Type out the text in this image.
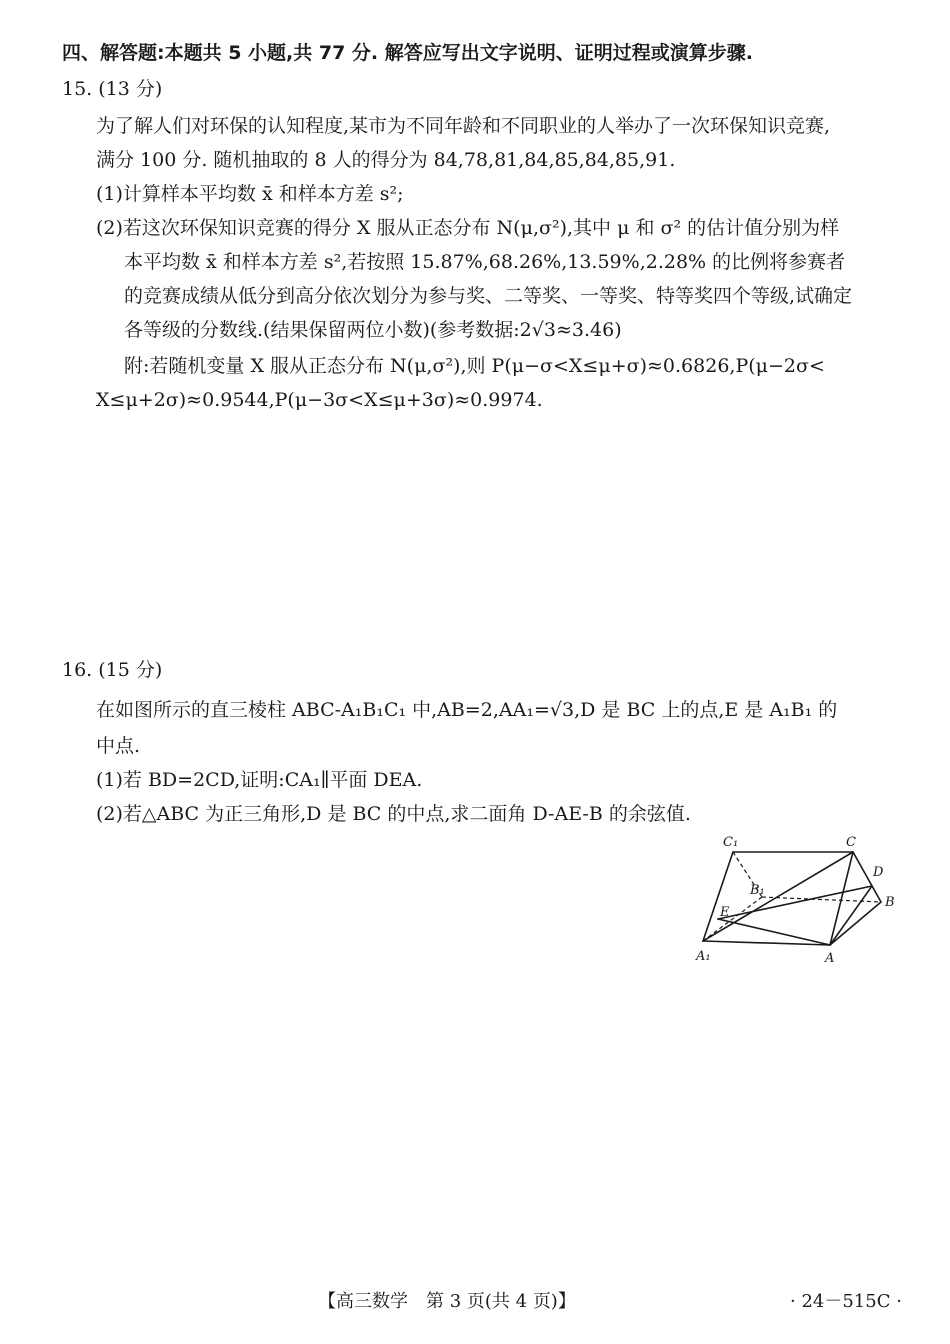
四、解答题:本题共 5 小题,共 77 分. 解答应写出文字说明、证明过程或演算步骤.
15. (13 分)
为了解人们对环保的认知程度,某市为不同年龄和不同职业的人举办了一次环保知识竞赛,
满分 100 分. 随机抽取的 8 人的得分为 84,78,81,84,85,84,85,91.
(1)计算样本平均数 x̄ 和样本方差 s²;
(2)若这次环保知识竞赛的得分 X 服从正态分布 N(μ,σ²),其中 μ 和 σ² 的估计值分别为样
本平均数 x̄ 和样本方差 s²,若按照 15.87%,68.26%,13.59%,2.28% 的比例将参赛者
的竞赛成绩从低分到高分依次划分为参与奖、二等奖、一等奖、特等奖四个等级,试确定
各等级的分数线.(结果保留两位小数)(参考数据:2√3≈3.46)
附:若随机变量 X 服从正态分布 N(μ,σ²),则 P(μ−σ<X≤μ+σ)≈0.6826,P(μ−2σ<
X≤μ+2σ)≈0.9544,P(μ−3σ<X≤μ+3σ)≈0.9974.
16. (15 分)
在如图所示的直三棱柱 ABC-A₁B₁C₁ 中,AB=2,AA₁=√3,D 是 BC 上的点,E 是 A₁B₁ 的
中点.
(1)若 BD=2CD,证明:CA₁∥平面 DEA.
(2)若△ABC 为正三角形,D 是 BC 的中点,求二面角 D-AE-B 的余弦值.
C₁	C
B₁
D
E
B
A₁	A
【高三数学　第 3 页(共 4 页)】	· 24－515C ·
